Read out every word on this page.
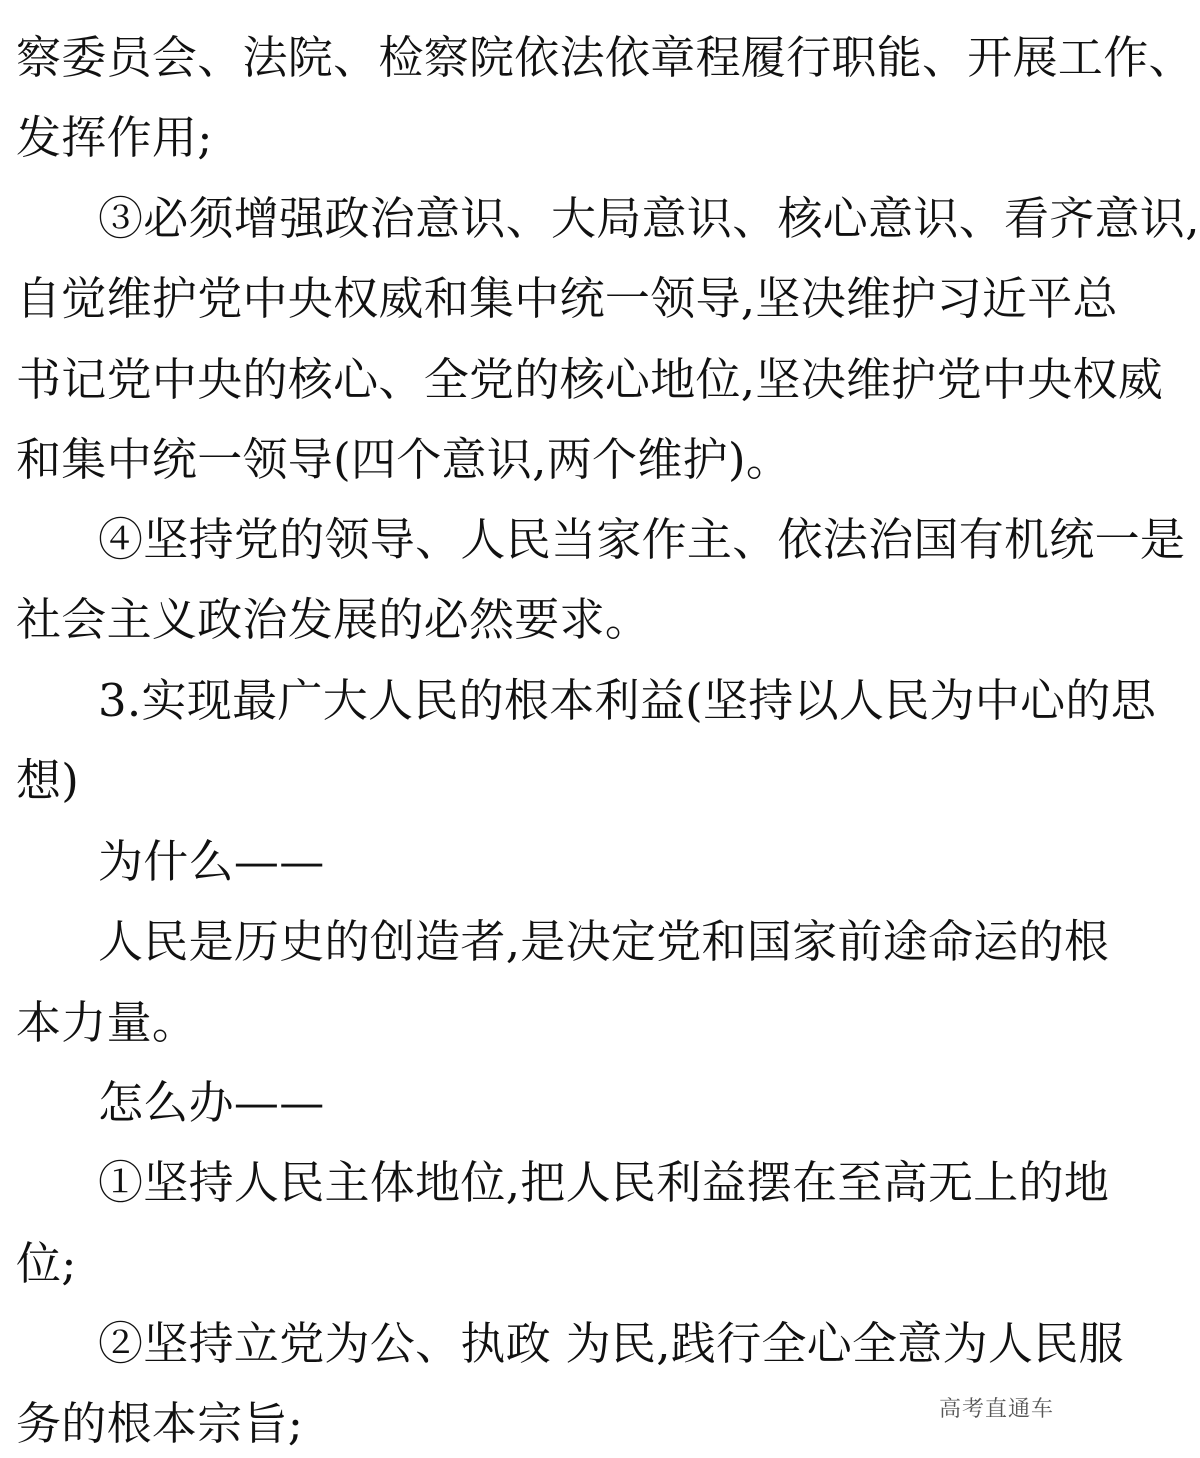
察委员会、法院、检察院依法依章程履行职能、开展工作、
发挥作用;
③必须增强政治意识、大局意识、核心意识、看齐意识,
自觉维护党中央权威和集中统一领导,坚决维护习近平总
书记党中央的核心、全党的核心地位,坚决维护党中央权威
和集中统一领导(四个意识,两个维护)。
④坚持党的领导、人民当家作主、依法治国有机统一是
社会主义政治发展的必然要求。
3.实现最广大人民的根本利益(坚持以人民为中心的思
想)
为什么——
人民是历史的创造者,是决定党和国家前途命运的根
本力量。
怎么办——
①坚持人民主体地位,把人民利益摆在至高无上的地
位;
②坚持立党为公、执政 为民,践行全心全意为人民服
务的根本宗旨;	高考直通车
